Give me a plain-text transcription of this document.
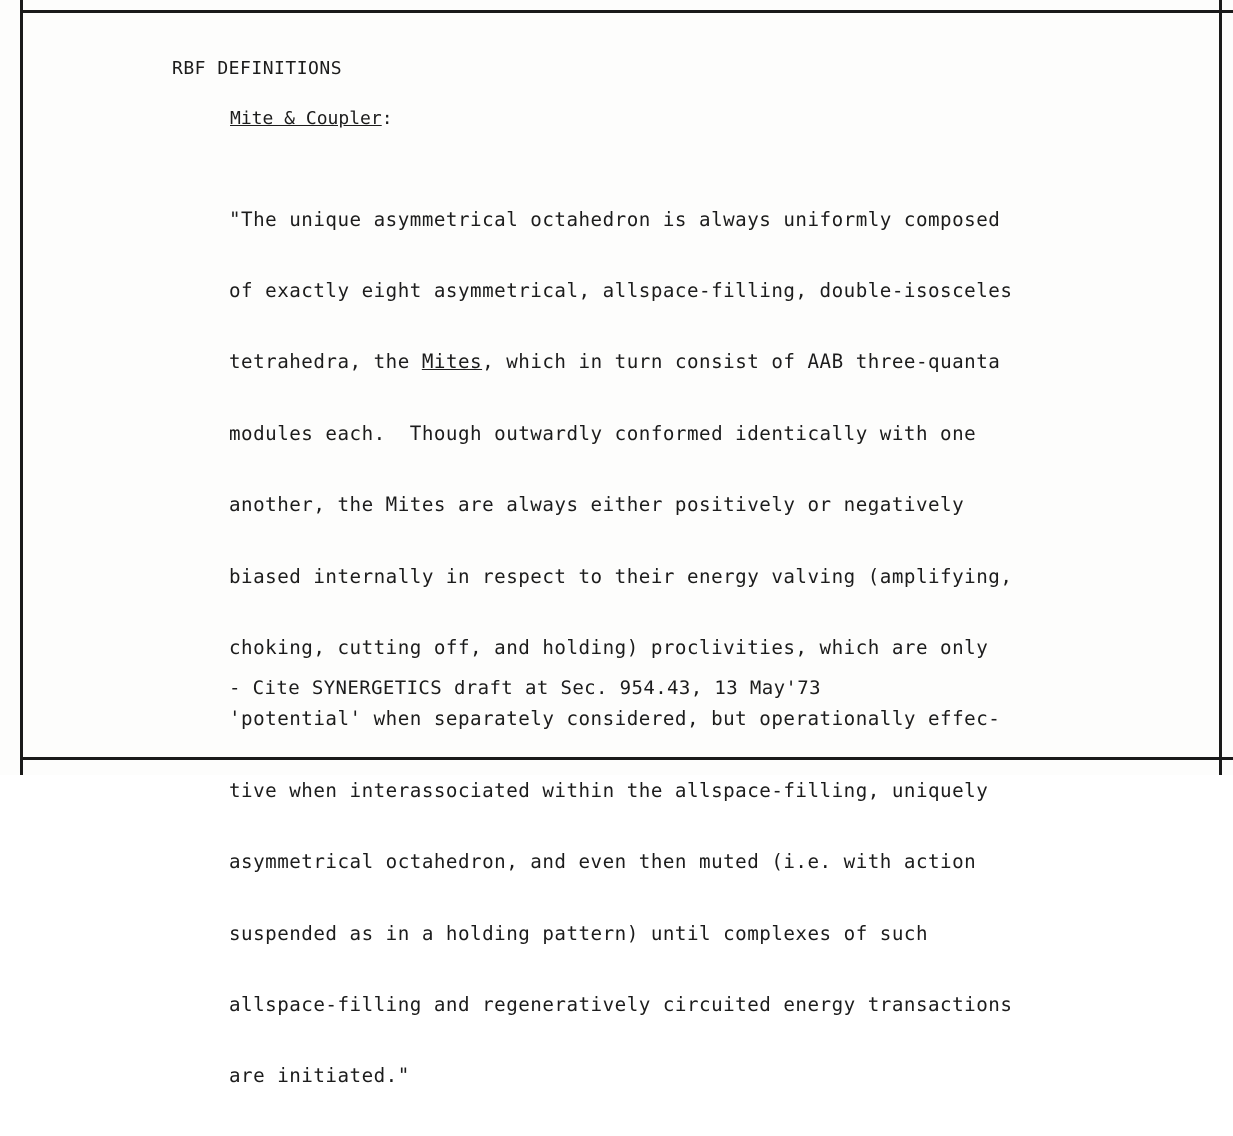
RBF DEFINITIONS
Mite & Coupler:

"The unique asymmetrical octahedron is always uniformly composed

of exactly eight asymmetrical, allspace-filling, double-isosceles

tetrahedra, the Mites, which in turn consist of AAB three-quanta

modules each.  Though outwardly conformed identically with one

another, the Mites are always either positively or negatively

biased internally in respect to their energy valving (amplifying,

choking, cutting off, and holding) proclivities, which are only

'potential' when separately considered, but operationally effec-

tive when interassociated within the allspace-filling, uniquely

asymmetrical octahedron, and even then muted (i.e. with action

suspended as in a holding pattern) until complexes of such

allspace-filling and regeneratively circuited energy transactions

are initiated."

- Cite SYNERGETICS draft at Sec. 954.43, 13 May'73
